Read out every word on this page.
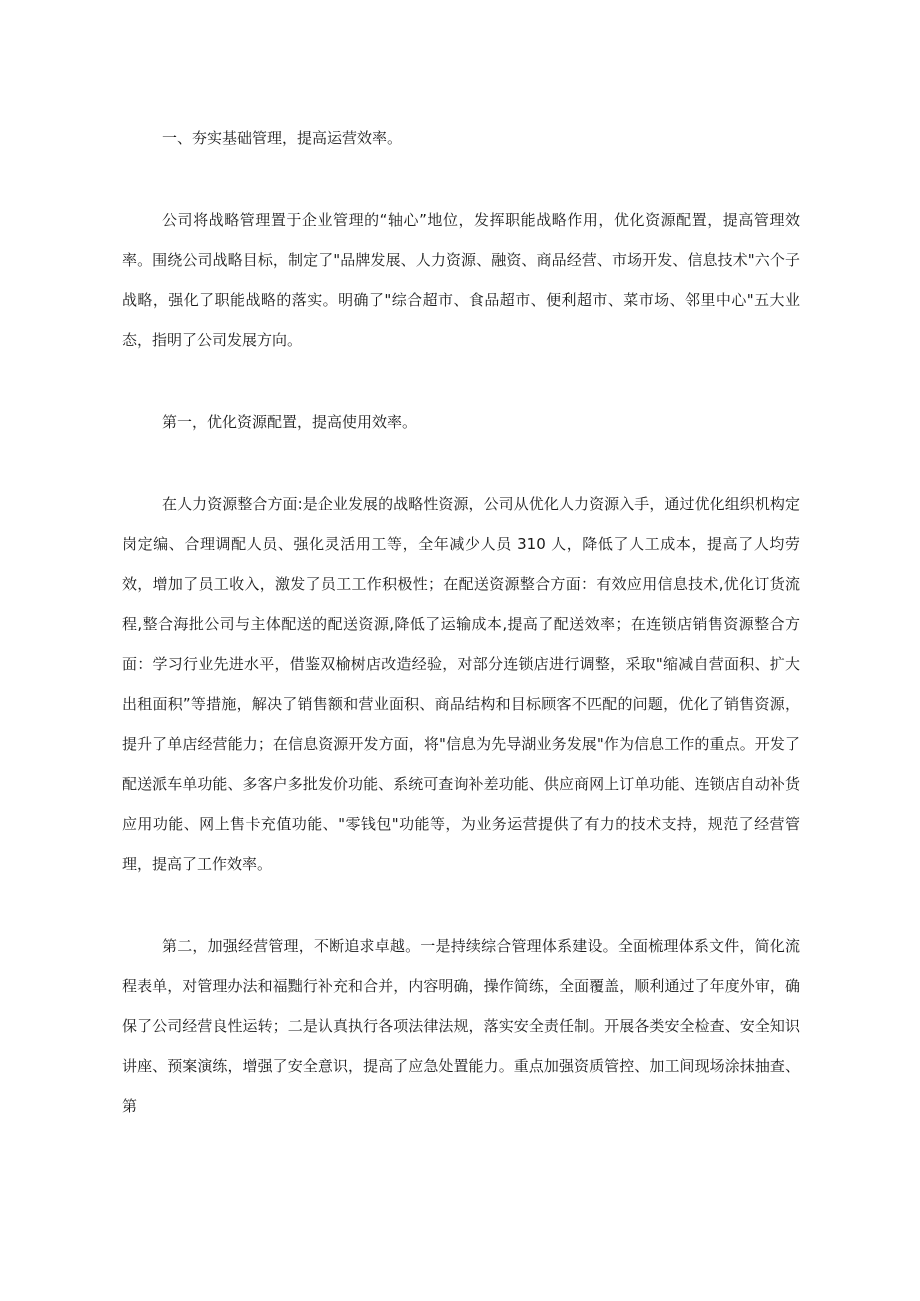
一、夯实基础管理，提高运营效率。

公司将战略管理置于企业管理的“轴心”地位，发挥职能战略作用，优化资源配置，提高管理效率。围绕公司战略目标，制定了"品牌发展、人力资源、融资、商品经营、市场开发、信息技术"六个子战略，强化了职能战略的落实。明确了"综合超市、食品超市、便利超市、菜市场、邻里中心"五大业态，指明了公司发展方向。

第一，优化资源配置，提高使用效率。

在人力资源整合方面:是企业发展的战略性资源，公司从优化人力资源入手，通过优化组织机构定岗定编、合理调配人员、强化灵活用工等，全年减少人员 310 人，降低了人工成本，提高了人均劳效，增加了员工收入，激发了员工工作积极性；在配送资源整合方面：有效应用信息技术,优化订货流程,整合海批公司与主体配送的配送资源,降低了运输成本,提高了配送效率；在连锁店销售资源整合方面：学习行业先进水平，借鉴双榆树店改造经验，对部分连锁店进行调整，采取"缩减自营面积、扩大出租面积”等措施，解决了销售额和营业面积、商品结构和目标顾客不匹配的问题，优化了销售资源，提升了单店经营能力；在信息资源开发方面，将"信息为先导湖业务发展"作为信息工作的重点。开发了配送派车单功能、多客户多批发价功能、系统可查询补差功能、供应商网上订单功能、连锁店自动补货应用功能、网上售卡充值功能、"零钱包"功能等，为业务运营提供了有力的技术支持，规范了经营管理，提高了工作效率。

第二，加强经营管理，不断追求卓越。一是持续综合管理体系建设。全面梳理体系文件，简化流程表单，对管理办法和福黜行补充和合并，内容明确，操作简练，全面覆盖，顺利通过了年度外审，确保了公司经营良性运转；二是认真执行各项法律法规，落实安全责任制。开展各类安全检查、安全知识讲座、预案演练，增强了安全意识，提高了应急处置能力。重点加强资质管控、加工间现场涂抹抽查、第
